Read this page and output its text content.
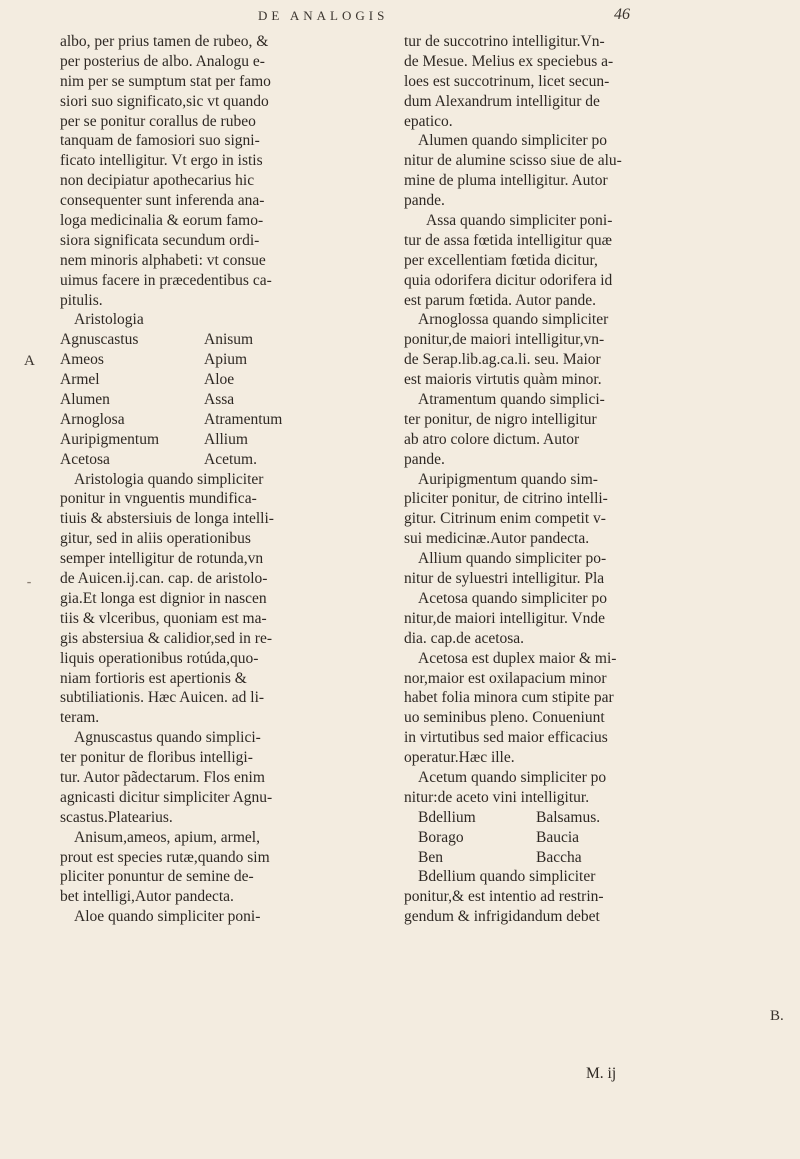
DE ANALOGIS	46
A
⁃
B.
albo, per prius tamen de rubeo, &
per posterius de albo. Analogu e-
nim per se sumptum stat per famo
siori suo significato,sic vt quando
per se ponitur corallus de rubeo
tanquam de famosiori suo signi-
ficato intelligitur. Vt ergo in istis
non decipiatur apothecarius hic
consequenter sunt inferenda ana-
loga medicinalia & eorum famo-
siora significata secundum ordi-
nem minoris alphabeti: vt consue
uimus facere in præcedentibus ca-
pitulis.
Aristologia
Agnuscastus	Anisum
Ameos	Apium
Armel	Aloe
Alumen	Assa
Arnoglosa	Atramentum
Auripigmentum	Allium
Acetosa	Acetum.
Aristologia quando simpliciter
ponitur in vnguentis mundifica-
tiuis & abstersiuis de longa intelli-
gitur, sed in aliis operationibus
semper intelligitur de rotunda,vn
de Auicen.ij.can. cap. de aristolo-
gia.Et longa est dignior in nascen
tiis & vlceribus, quoniam est ma-
gis abstersiua & calidior,sed in re-
liquis operationibus rotúda,quo-
niam fortioris est apertionis &
subtiliationis. Hæc Auicen. ad li-
teram.
Agnuscastus quando simplici-
ter ponitur de floribus intelligi-
tur. Autor pãdectarum. Flos enim
agnicasti dicitur simpliciter Agnu-
scastus.Platearius.
Anisum,ameos, apium, armel,
prout est species rutæ,quando sim
pliciter ponuntur de semine de-
bet intelligi,Autor pandecta.
Aloe quando simpliciter poni-
tur de succotrino intelligitur.Vn-
de Mesue. Melius ex speciebus a-
loes est succotrinum, licet secun-
dum Alexandrum intelligitur de
epatico.
Alumen quando simpliciter po
nitur de alumine scisso siue de alu-
mine de pluma intelligitur. Autor
pande.
Assa quando simpliciter poni-
tur de assa fœtida intelligitur quæ
per excellentiam fœtida dicitur,
quia odorifera dicitur odorifera id
est parum fœtida. Autor pande.
Arnoglossa quando simpliciter
ponitur,de maiori intelligitur,vn-
de Serap.lib.ag.ca.li. seu. Maior
est maioris virtutis quàm minor.
Atramentum quando simplici-
ter ponitur, de nigro intelligitur
ab atro colore dictum. Autor
pande.
Auripigmentum quando sim-
pliciter ponitur, de citrino intelli-
gitur. Citrinum enim competit v-
sui medicinæ.Autor pandecta.
Allium quando simpliciter po-
nitur de syluestri intelligitur. Pla
Acetosa quando simpliciter po
nitur,de maiori intelligitur. Vnde
dia. cap.de acetosa.
Acetosa est duplex maior & mi-
nor,maior est oxilapacium minor
habet folia minora cum stipite par
uo seminibus pleno. Conueniunt
in virtutibus sed maior efficacius
operatur.Hæc ille.
Acetum quando simpliciter po
nitur:de aceto vini intelligitur.
Bdellium	Balsamus.
Borago	Baucia
Ben	Baccha
Bdellium quando simpliciter
ponitur,& est intentio ad restrin-
gendum & infrigidandum debet
M. ij
